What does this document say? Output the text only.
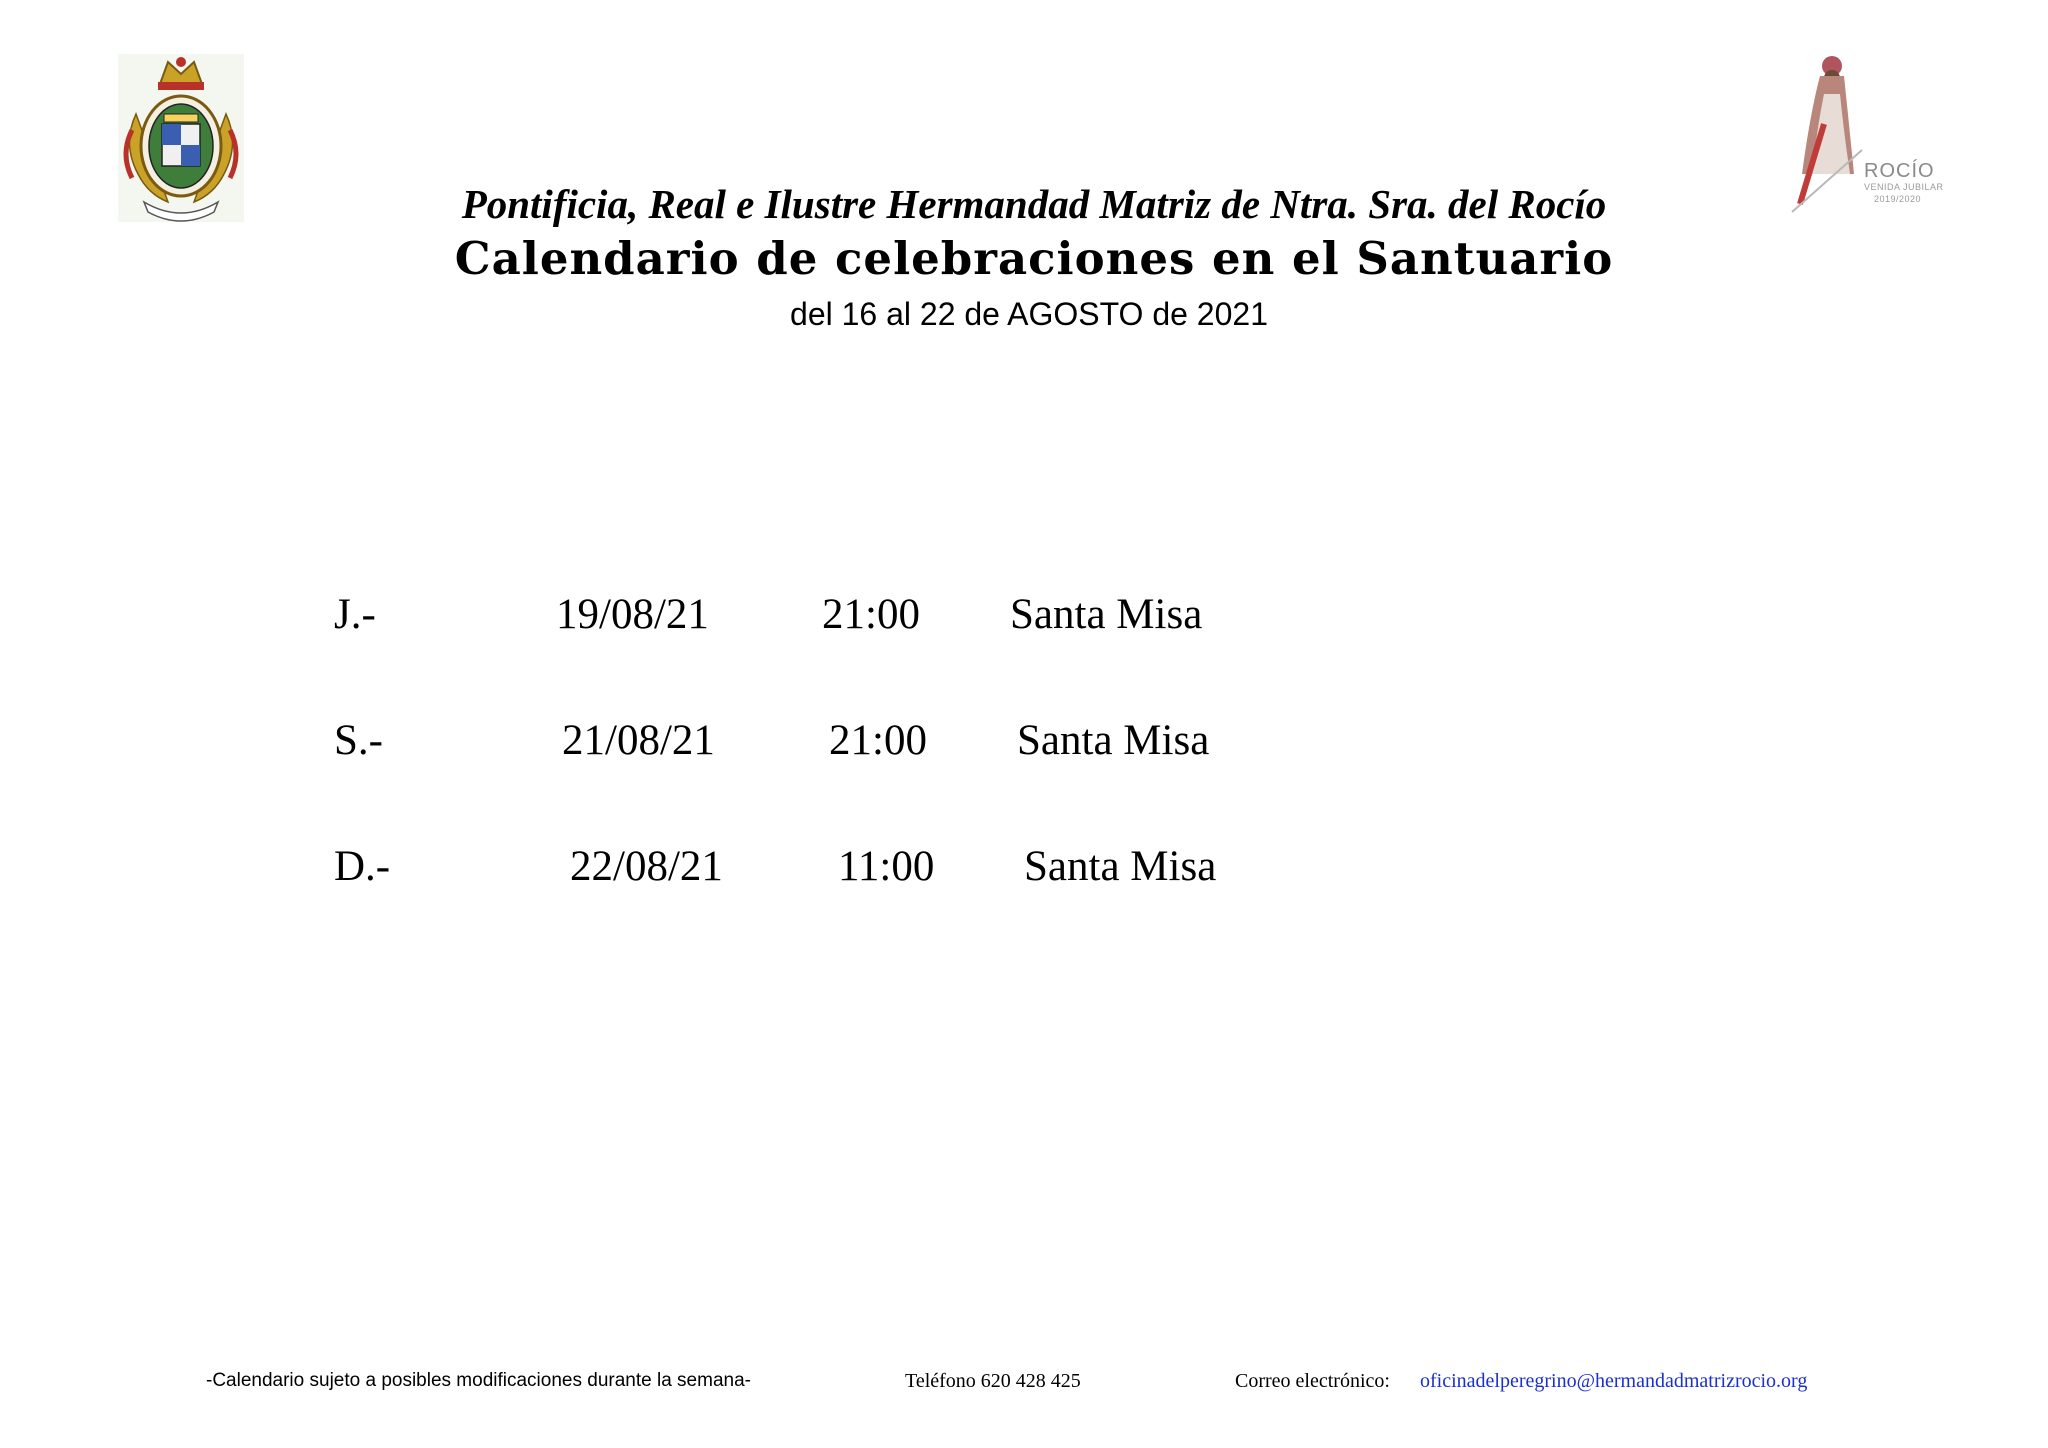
ROCÍO
VENIDA JUBILAR
2019/2020
Pontificia, Real e Ilustre Hermandad Matriz de Ntra. Sra. del Rocío
Calendario de celebraciones en el Santuario
del 16 al 22 de AGOSTO de 2021
J.-	19/08/21	21:00 Santa Misa
S.-	21/08/21	21:00 Santa Misa
D.-	22/08/21	11:00 Santa Misa
-Calendario sujeto a posibles modificaciones durante la semana-	Teléfono 620 428 425	Correo electrónico: oficinadelperegrino@hermandadmatrizrocio.org
